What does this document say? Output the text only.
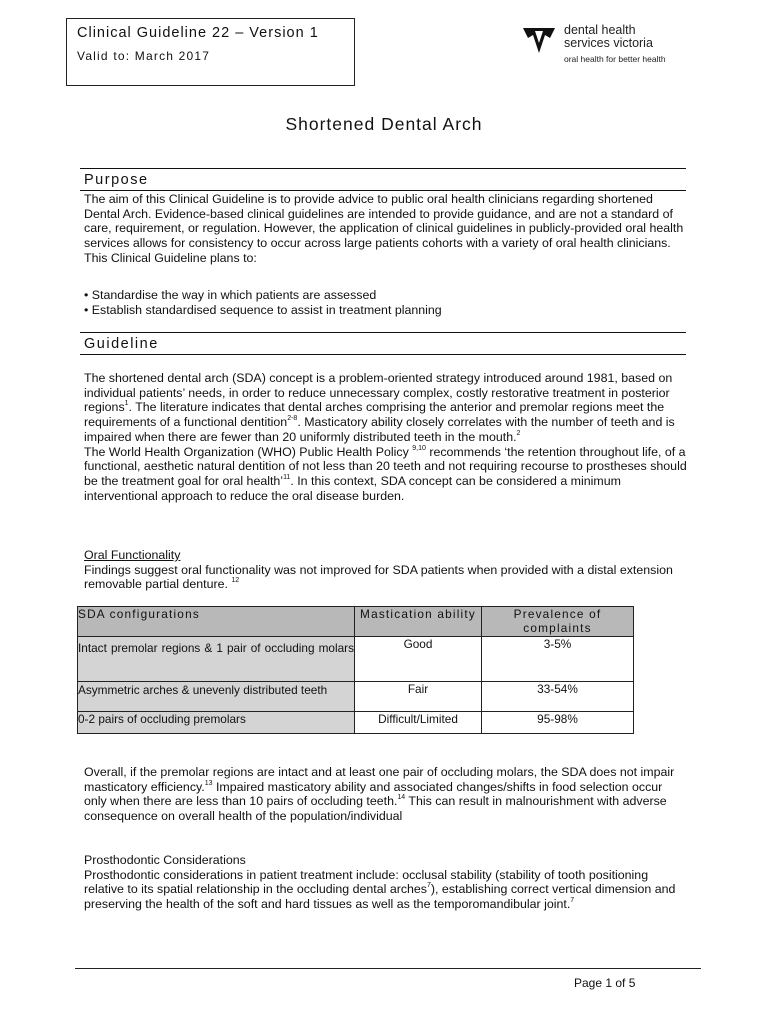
Clinical Guideline 22 – Version 1
Valid to: March 2017
dental health
services victoria
oral health for better health
Shortened Dental Arch
Purpose
The aim of this Clinical Guideline is to provide advice to public oral health clinicians regarding shortened Dental Arch. Evidence-based clinical guidelines are intended to provide guidance, and are not a standard of care, requirement, or regulation. However, the application of clinical guidelines in publicly-provided oral health services allows for consistency to occur across large patients cohorts with a variety of oral health clinicians. This Clinical Guideline plans to:
• Standardise the way in which patients are assessed
• Establish standardised sequence to assist in treatment planning
Guideline

The shortened dental arch (SDA) concept is a problem-oriented strategy introduced around 1981, based on individual patients’ needs, in order to reduce unnecessary complex, costly restorative treatment in posterior regions$^1$. The literature indicates that dental arches comprising the anterior and premolar regions meet the requirements of a functional dentition$^{2-8}$. Masticatory ability closely correlates with the number of teeth and is impaired when there are fewer than 20 uniformly distributed teeth in the mouth.$^2$

The World Health Organization (WHO) Public Health Policy $^{9,10}$ recommends ‘the retention throughout life, of a functional, aesthetic natural dentition of not less than 20 teeth and not requiring recourse to prostheses should be the treatment goal for oral health’$^{11}$. In this context, SDA concept can be considered a minimum interventional approach to reduce the oral disease burden.

Oral Functionality

Findings suggest oral functionality was not improved for SDA patients when provided with a distal extension removable partial denture. $^{12}$

SDA configurations	Mastication ability	Prevalence of complaints
Intact premolar regions & 1 pair of occluding molars	Good	3-5%
Asymmetric arches & unevenly distributed teeth	Fair	33-54%
0-2 pairs of occluding premolars	Difficult/Limited	95-98%

Overall, if the premolar regions are intact and at least one pair of occluding molars, the SDA does not impair masticatory efficiency.$^{13}$ Impaired masticatory ability and associated changes/shifts in food selection occur only when there are less than 10 pairs of occluding teeth.$^{14}$ This can result in malnourishment with adverse consequence on overall health of the population/individual

Prosthodontic Considerations

Prosthodontic considerations in patient treatment include: occlusal stability (stability of tooth positioning relative to its spatial relationship in the occluding dental arches$^7$), establishing correct vertical dimension and preserving the health of the soft and hard tissues as well as the temporomandibular joint.$^7$

Page 1 of 5
